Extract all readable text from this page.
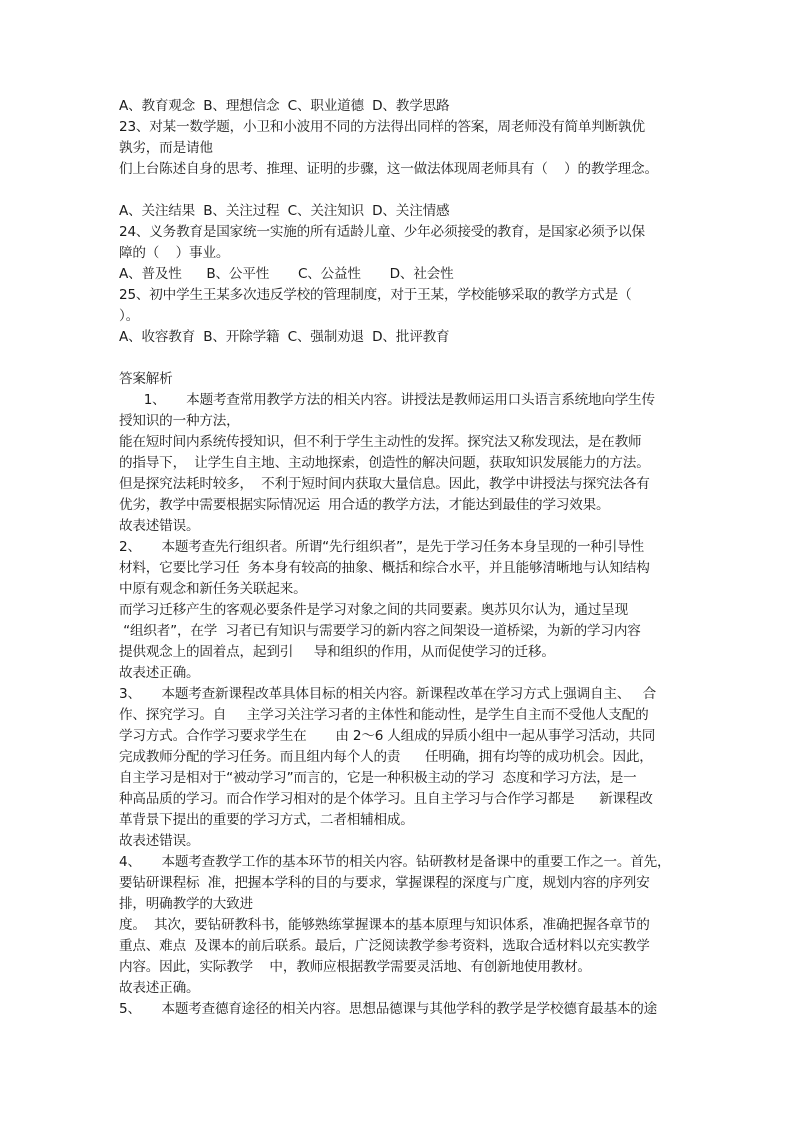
A、教育观念  B、理想信念  C、职业道德  D、教学思路
23、对某一数学题，小卫和小波用不同的方法得出同样的答案，周老师没有简单判断孰优
孰劣，而是请他
们上台陈述自身的思考、推理、证明的步骤，这一做法体现周老师具有（    ）的教学理念。
A、关注结果  B、关注过程  C、关注知识  D、关注情感
24、义务教育是国家统一实施的所有适龄儿童、少年必须接受的教育，是国家必须予以保
障的（    ）事业。
A、普及性      B、公平性       C、公益性       D、社会性
25、初中学生王某多次违反学校的管理制度，对于王某，学校能够采取的教学方式是（
）。
A、收容教育  B、开除学籍  C、强制劝退  D、批评教育
答案解析
1、     本题考查常用教学方法的相关内容。讲授法是教师运用口头语言系统地向学生传
授知识的一种方法，
能在短时间内系统传授知识，但不利于学生主动性的发挥。探究法又称发现法，是在教师
的指导下，  让学生自主地、主动地探索，创造性的解决问题，获取知识发展能力的方法。
但是探究法耗时较多，  不利于短时间内获取大量信息。因此，教学中讲授法与探究法各有
优劣，教学中需要根据实际情况运  用合适的教学方法，才能达到最佳的学习效果。
故表述错误。
2、     本题考查先行组织者。所谓“先行组织者”，是先于学习任务本身呈现的一种引导性
材料，它要比学习任  务本身有较高的抽象、概括和综合水平，并且能够清晰地与认知结构
中原有观念和新任务关联起来。
而学习迁移产生的客观必要条件是学习对象之间的共同要素。奥苏贝尔认为，通过呈现
“组织者”，在学  习者已有知识与需要学习的新内容之间架设一道桥梁，为新的学习内容
提供观念上的固着点，起到引     导和组织的作用，从而促使学习的迁移。
故表述正确。
3、     本题考查新课程改革具体目标的相关内容。新课程改革在学习方式上强调自主、   合
作、探究学习。自     主学习关注学习者的主体性和能动性，是学生自主而不受他人支配的
学习方式。合作学习要求学生在       由 2～6 人组成的异质小组中一起从事学习活动，共同
完成教师分配的学习任务。而且组内每个人的责      任明确，拥有均等的成功机会。因此，
自主学习是相对于“被动学习”而言的，它是一种积极主动的学习  态度和学习方法，是一
种高品质的学习。而合作学习相对的是个体学习。且自主学习与合作学习都是      新课程改
革背景下提出的重要的学习方式，二者相辅相成。
故表述错误。
4、     本题考查教学工作的基本环节的相关内容。钻研教材是备课中的重要工作之一。首先，
要钻研课程标  准，把握本学科的目的与要求，掌握课程的深度与广度，规划内容的序列安
排，明确教学的大致进
度。  其次，要钻研教科书，能够熟练掌握课本的基本原理与知识体系，准确把握各章节的
重点、难点  及课本的前后联系。最后，广泛阅读教学参考资料，选取合适材料以充实教学
内容。因此，实际教学    中，教师应根据教学需要灵活地、有创新地使用教材。
故表述正确。
5、     本题考查德育途径的相关内容。思想品德课与其他学科的教学是学校德育最基本的途
